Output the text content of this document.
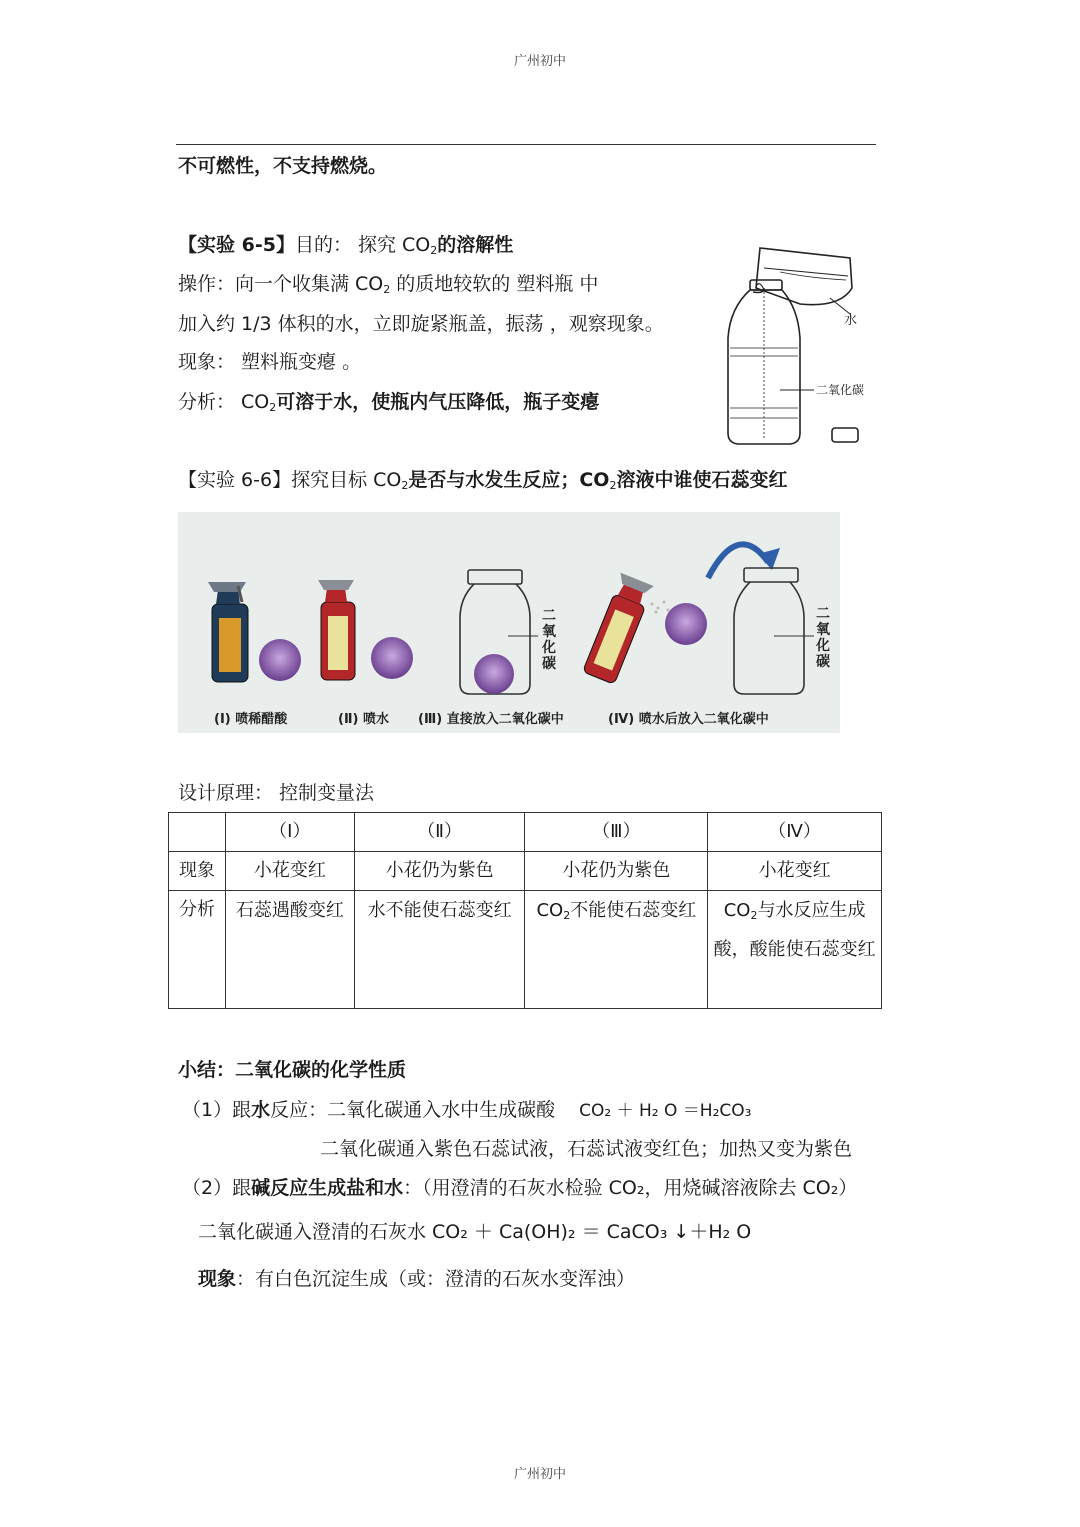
广州初中
广州初中
不可燃性，不支持燃烧。
【实验 6-5】目的： 探究 $CO_2$的溶解性
操作：向一个收集满 $CO_2$ 的质地较软的 塑料瓶 中
加入约 1/3 体积的水，立即旋紧瓶盖，振荡 ，观察现象。
现象： 塑料瓶变瘪 。
分析： $CO_2$可溶于水，使瓶内气压降低，瓶子变瘪
水
二氧化碳
【实验 6-6】探究目标 $CO_2$是否与水发生反应；$CO_2$溶液中谁使石蕊变红
二氧化碳
二氧化碳
(Ⅰ) 喷稀醋酸	(Ⅱ) 喷水 (Ⅲ) 直接放入二氧化碳中	(Ⅳ) 喷水后放入二氧化碳中
设计原理： 控制变量法
	（Ⅰ）	（Ⅱ）	（Ⅲ）	（Ⅳ）
现象	小花变红	小花仍为紫色	小花仍为紫色	小花变红
分析	石蕊遇酸变红	水不能使石蕊变红	$CO_2$不能使石蕊变红	$CO_2$与水反应生成酸，酸能使石蕊变红
小结：二氧化碳的化学性质
（1）跟水反应：二氧化碳通入水中生成碳酸 CO₂ ＋ H₂ O ＝H₂CO₃
二氧化碳通入紫色石蕊试液，石蕊试液变红色；加热又变为紫色
（2）跟碱反应生成盐和水：（用澄清的石灰水检验 CO₂，用烧碱溶液除去 CO₂）
二氧化碳通入澄清的石灰水 CO₂ ＋ Ca(OH)₂ ＝ CaCO₃ ↓＋H₂ O
现象：有白色沉淀生成（或：澄清的石灰水变浑浊）
